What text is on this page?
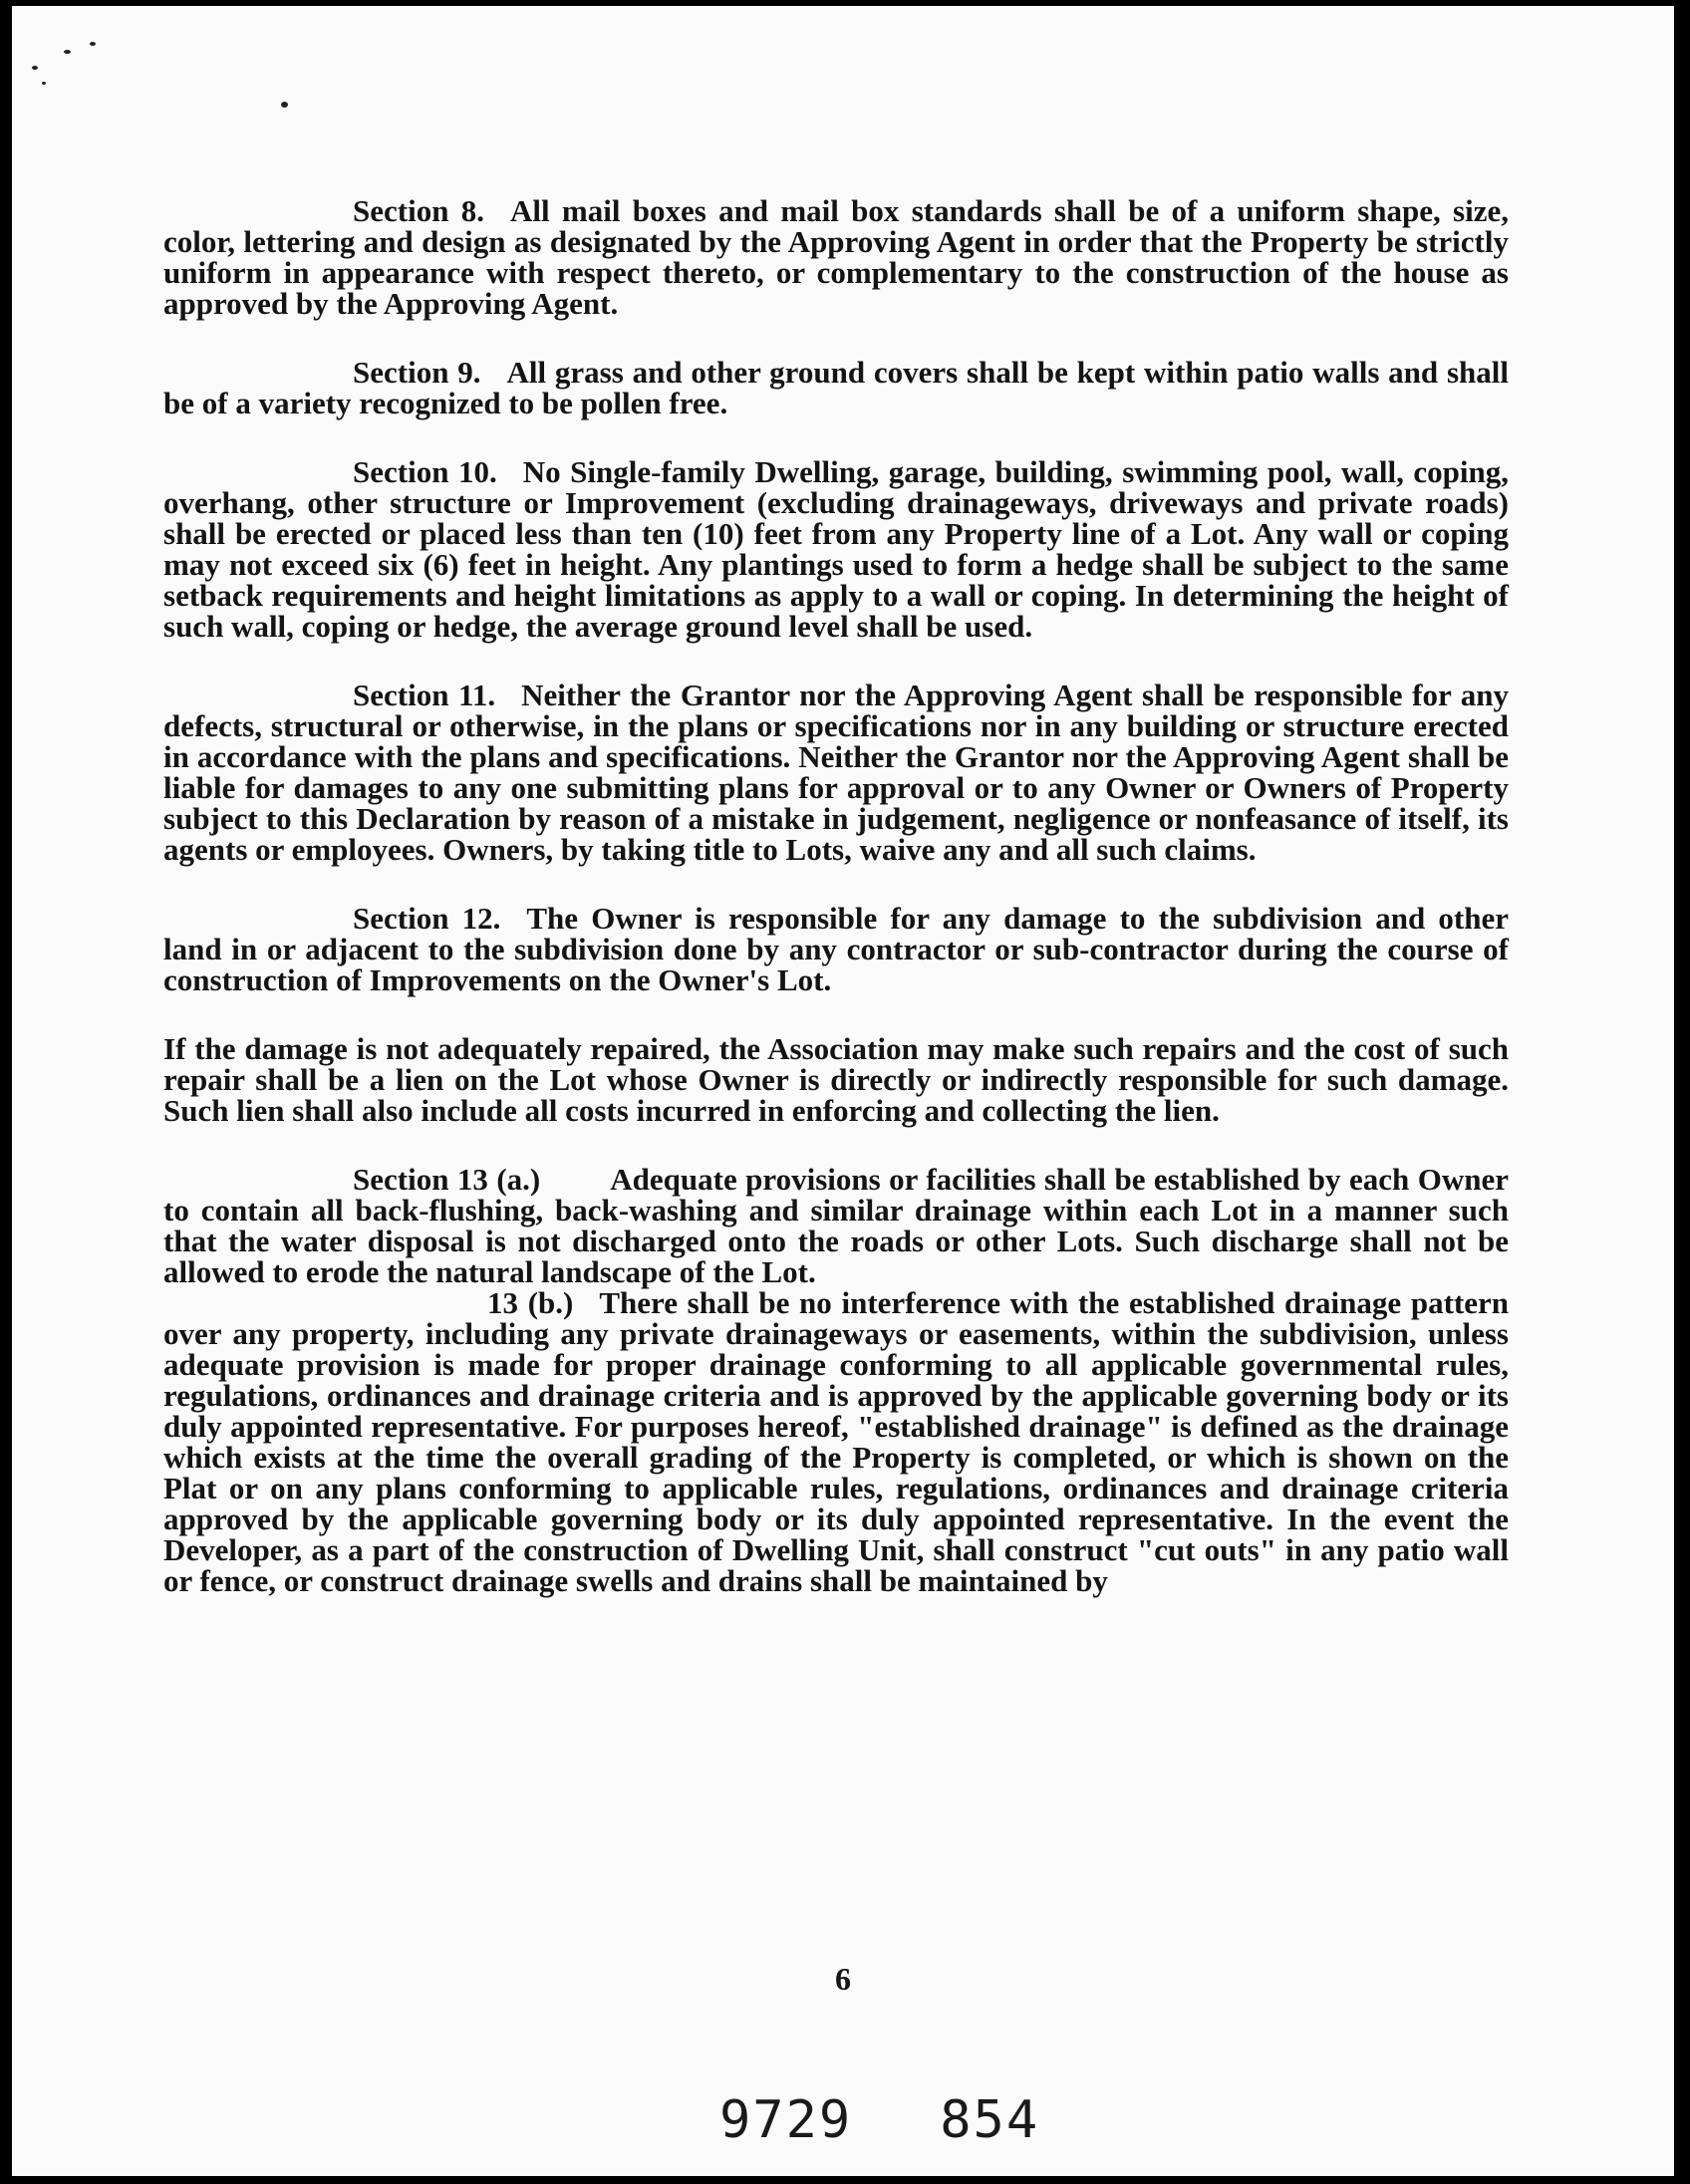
Section 8. All mail boxes and mail box standards shall be of a uniform shape, size, color, lettering and design as designated by the Approving Agent in order that the Property be strictly uniform in appearance with respect thereto, or complementary to the construction of the house as approved by the Approving Agent.

Section 9. All grass and other ground covers shall be kept within patio walls and shall be of a variety recognized to be pollen free.

Section 10. No Single-family Dwelling, garage, building, swimming pool, wall, coping, overhang, other structure or Improvement (excluding drainageways, driveways and private roads) shall be erected or placed less than ten (10) feet from any Property line of a Lot. Any wall or coping may not exceed six (6) feet in height. Any plantings used to form a hedge shall be subject to the same setback requirements and height limitations as apply to a wall or coping. In determining the height of such wall, coping or hedge, the average ground level shall be used.

Section 11. Neither the Grantor nor the Approving Agent shall be responsible for any defects, structural or otherwise, in the plans or specifications nor in any building or structure erected in accordance with the plans and specifications. Neither the Grantor nor the Approving Agent shall be liable for damages to any one submitting plans for approval or to any Owner or Owners of Property subject to this Declaration by reason of a mistake in judgement, negligence or nonfeasance of itself, its agents or employees. Owners, by taking title to Lots, waive any and all such claims.

Section 12. The Owner is responsible for any damage to the subdivision and other land in or adjacent to the subdivision done by any contractor or sub-contractor during the course of construction of Improvements on the Owner's Lot.

If the damage is not adequately repaired, the Association may make such repairs and the cost of such repair shall be a lien on the Lot whose Owner is directly or indirectly responsible for such damage. Such lien shall also include all costs incurred in enforcing and collecting the lien.

Section 13 (a.) Adequate provisions or facilities shall be established by each Owner to contain all back-flushing, back-washing and similar drainage within each Lot in a manner such that the water disposal is not discharged onto the roads or other Lots. Such discharge shall not be allowed to erode the natural landscape of the Lot.

13 (b.) There shall be no interference with the established drainage pattern over any property, including any private drainageways or easements, within the subdivision, unless adequate provision is made for proper drainage conforming to all applicable governmental rules, regulations, ordinances and drainage criteria and is approved by the applicable governing body or its duly appointed representative. For purposes hereof, "established drainage" is defined as the drainage which exists at the time the overall grading of the Property is completed, or which is shown on the Plat or on any plans conforming to applicable rules, regulations, ordinances and drainage criteria approved by the applicable governing body or its duly appointed representative. In the event the Developer, as a part of the construction of Dwelling Unit, shall construct "cut outs" in any patio wall or fence, or construct drainage swells and drains shall be maintained by

6
9729 854
